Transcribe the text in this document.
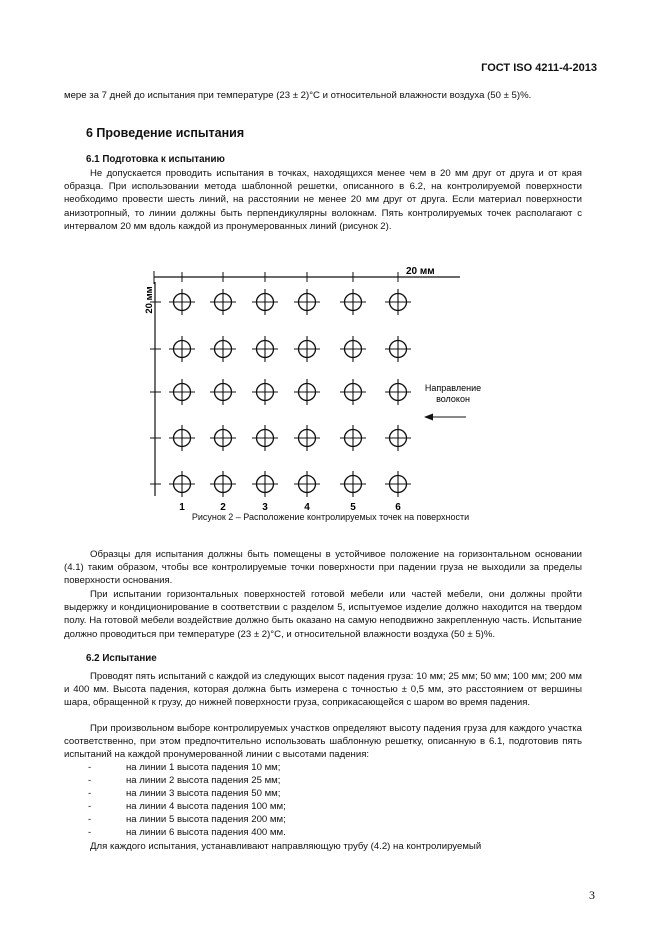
ГОСТ ISO 4211-4-2013

мере за 7 дней до испытания при температуре (23 ± 2)°С и относительной влажности воздуха (50 ± 5)%.

6 Проведение испытания
6.1 Подготовка к испытанию

Не допускается проводить испытания в точках, находящихся менее чем в 20 мм друг от друга и от края образца. При использовании метода шаблонной решетки, описанного в 6.2, на контролируемой поверхности необходимо провести шесть линий, на расстоянии не менее 20 мм друг от друга. Если материал поверхности анизотропный, то линии должны быть перпендикулярны волокнам. Пять контролируемых точек располагают с интервалом 20 мм вдоль каждой из пронумерованных линий (рисунок 2).

20 мм
20 мм
Направление
волокон
1	2	3	4	5	6
Рисунок 2 – Расположение контролируемых точек на поверхности

Образцы для испытания должны быть помещены в устойчивое положение на горизонтальном основании (4.1) таким образом, чтобы все контролируемые точки поверхности при падении груза не выходили за пределы поверхности основания.

При испытании горизонтальных поверхностей готовой мебели или частей мебели, они должны пройти выдержку и кондиционирование в соответствии с разделом 5, испытуемое изделие должно находится на твердом полу. На готовой мебели воздействие должно быть оказано на самую неподвижно закрепленную часть. Испытание должно проводиться при температуре (23 ± 2)°С, и относительной влажности воздуха (50 ± 5)%.

6.2 Испытание

Проводят пять испытаний с каждой из следующих высот падения груза: 10 мм; 25 мм; 50 мм; 100 мм; 200 мм и 400 мм. Высота падения, которая должна быть измерена с точностью ± 0,5 мм, это расстоянием от вершины шара, обращенной к грузу, до нижней поверхности груза, соприкасающейся с шаром во время падения.

При произвольном выборе контролируемых участков определяют высоту падения груза для каждого участка соответственно, при этом предпочтительно использовать шаблонную решетку, описанную в 6.1, подготовив пять испытаний на каждой пронумерованной линии с высотами падения:

-	на линии 1 высота падения 10 мм;
-	на линии 2 высота падения 25 мм;
-	на линии 3 высота падения 50 мм;
-	на линии 4 высота падения 100 мм;
-	на линии 5 высота падения 200 мм;
-	на линии 6 высота падения 400 мм.

Для каждого испытания, устанавливают направляющую трубу (4.2) на контролируемый

3
